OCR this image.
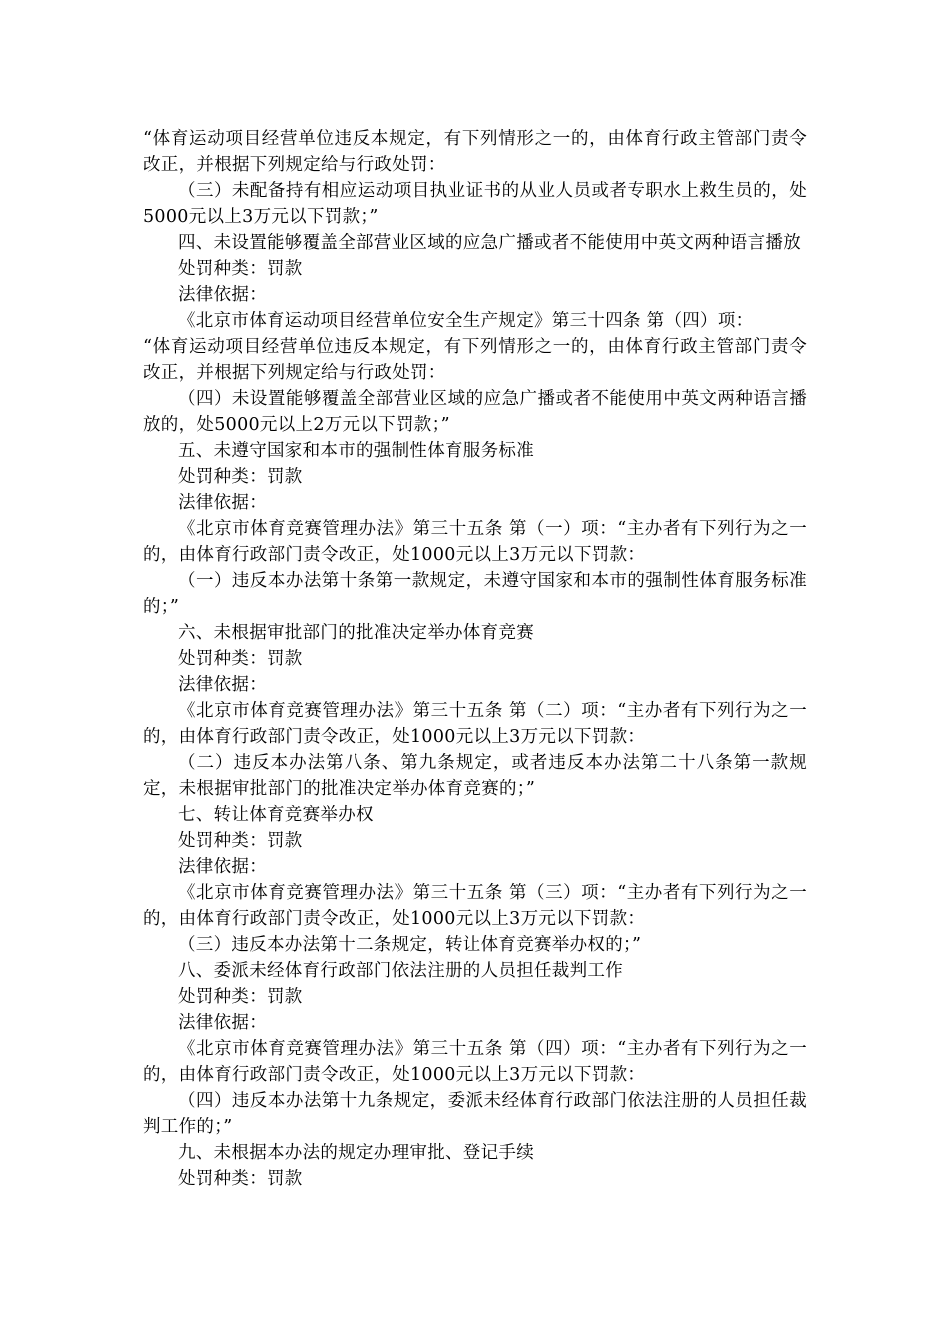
“体育运动项目经营单位违反本规定，有下列情形之一的，由体育行政主管部门责令改正，并根据下列规定给与行政处罚：

（三）未配备持有相应运动项目执业证书的从业人员或者专职水上救生员的，处5000元以上3万元以下罚款；”

四、未设置能够覆盖全部营业区域的应急广播或者不能使用中英文两种语言播放

处罚种类：罚款

法律依据：

《北京市体育运动项目经营单位安全生产规定》第三十四条 第（四）项：

“体育运动项目经营单位违反本规定，有下列情形之一的，由体育行政主管部门责令改正，并根据下列规定给与行政处罚：

（四）未设置能够覆盖全部营业区域的应急广播或者不能使用中英文两种语言播放的，处5000元以上2万元以下罚款；”

五、未遵守国家和本市的强制性体育服务标准

处罚种类：罚款

法律依据：

《北京市体育竞赛管理办法》第三十五条 第（一）项：“主办者有下列行为之一的，由体育行政部门责令改正，处1000元以上3万元以下罚款：

（一）违反本办法第十条第一款规定，未遵守国家和本市的强制性体育服务标准的；”

六、未根据审批部门的批准决定举办体育竞赛

处罚种类：罚款

法律依据：

《北京市体育竞赛管理办法》第三十五条 第（二）项：“主办者有下列行为之一的，由体育行政部门责令改正，处1000元以上3万元以下罚款：

（二）违反本办法第八条、第九条规定，或者违反本办法第二十八条第一款规定，未根据审批部门的批准决定举办体育竞赛的；”

七、转让体育竞赛举办权

处罚种类：罚款

法律依据：

《北京市体育竞赛管理办法》第三十五条 第（三）项：“主办者有下列行为之一的，由体育行政部门责令改正，处1000元以上3万元以下罚款：

（三）违反本办法第十二条规定，转让体育竞赛举办权的；”

八、委派未经体育行政部门依法注册的人员担任裁判工作

处罚种类：罚款

法律依据：

《北京市体育竞赛管理办法》第三十五条 第（四）项：“主办者有下列行为之一的，由体育行政部门责令改正，处1000元以上3万元以下罚款：

（四）违反本办法第十九条规定，委派未经体育行政部门依法注册的人员担任裁判工作的；”

九、未根据本办法的规定办理审批、登记手续

处罚种类：罚款
